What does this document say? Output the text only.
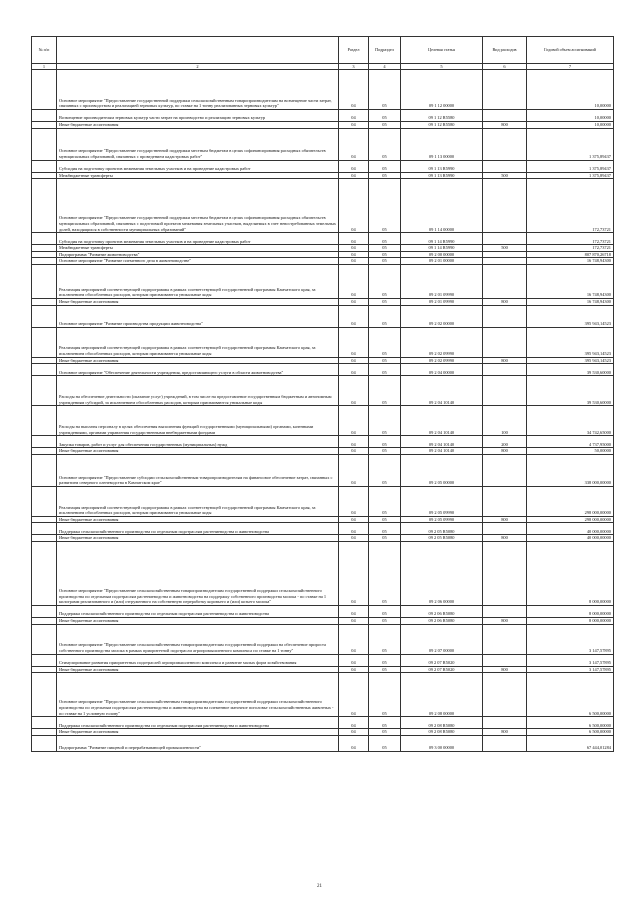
№ п/п		Раздел	Подраздел	Целевая статья	Вид расходов	Годовой объем ассигнований
1	2	3	4	5	6	7
	Основное мероприятие "Предоставление государственной поддержки сельскохозяйственным товаропроизводителям на возмещение части затрат, связанных с производством и реализацией зерновых культур, по ставке на 1 тонну реализованных зерновых культур"	04	05	09 1 12 00000		10,00000
	Возмещение производителям зерновых культур части затрат на производство и реализацию зерновых культур	04	05	09 1 12 R5580		10,00000
	Иные бюджетные ассигнования	04	05	09 1 12 R5580	800	10,00000
	Основное мероприятие "Предоставление государственной поддержки местным бюджетам в целях софинансирования расходных обязательств муниципальных образований, связанных с проведением кадастровых работ"	04	05	09 1 13 00000		1 375,89437
	Субсидия на подготовку проектов межевания земельных участков и на проведение кадастровых работ	04	05	09 1 13 R5990		1 375,89437
	Межбюджетные трансферты	04	05	09 1 13 R5990	500	1 375,89437
	Основное мероприятие "Предоставление государственной поддержки местным бюджетам в целях софинансирования расходных обязательств муниципальных образований, связанных с подготовкой проектов межевания земельных участков, выделяемых в счет невостребованных земельных долей, находящихся в собственности муниципальных образований"	04	05	09 1 14 00000		172,73721
	Субсидия на подготовку проектов межевания земельных участков и на проведение кадастровых работ	04	05	09 1 14 R5990		172,73721
	Межбюджетные трансферты	04	05	09 1 14 R5990	500	172,73721
	Подпрограмма "Развитие животноводства"	04	05	09 2 00 00000		807 870,26718
	Основное мероприятие "Развитие племенного дела в животноводстве"	04	05	09 2 01 00000		16 748,94300
	Реализация мероприятий соответствующей подпрограммы в рамках соответствующей государственной программы Камчатского края, за исключением обособленных расходов, которым присваиваются уникальные коды	04	05	09 2 01 09990		16 748,94300
	Иные бюджетные ассигнования	04	05	09 2 01 09990	800	16 748,94300
	Основное мероприятие "Развитие производства продукции животноводства"	04	05	09 2 02 00000		395 943,14523
	Реализация мероприятий соответствующей подпрограммы в рамках соответствующей государственной программы Камчатского края, за исключением обособленных расходов, которым присваиваются уникальные коды	04	05	09 2 02 09990		395 943,14523
	Иные бюджетные ассигнования	04	05	09 2 02 09990	800	395 943,14523
	Основное мероприятие "Обеспечение деятельности учреждения, предоставляющего услуги в области животноводства"	04	05	09 2 04 00000		39 530,60000
	Расходы на обеспечение деятельности (оказание услуг) учреждений, в том числе на предоставление государственным бюджетным и автономным учреждениям субсидий, за исключением обособленных расходов, которым присваиваются уникальные коды	04	05	09 2 04 10140		39 530,60000
	Расходы на выплаты персоналу в целях обеспечения выполнения функций государственными (муниципальными) органами, казенными учреждениями, органами управления государственными внебюджетными фондами	04	05	09 2 04 10140	100	34 742,65000
	Закупка товаров, работ и услуг для обеспечения государственных (муниципальных) нужд	04	05	09 2 04 10140	200	4 737,95000
	Иные бюджетные ассигнования	04	05	09 2 04 10140	800	50,00000
	Основное мероприятие "Предоставление субсидии сельскохозяйственным товаропроизводителям на финансовое обеспечение затрат, связанных с развитием северного оленеводства в Камчатском крае"	04	05	09 2 05 00000		338 000,00000
	Реализация мероприятий соответствующей подпрограммы в рамках соответствующей государственной программы Камчатского края, за исключением обособленных расходов, которым присваиваются уникальные коды	04	05	09 2 05 09990		298 000,00000
	Иные бюджетные ассигнования	04	05	09 2 05 09990	800	298 000,00000
	Поддержка сельскохозяйственного производства по отдельным подотраслям растениеводства и животноводства	04	05	09 2 05 R5080		40 000,00000
	Иные бюджетные ассигнования	04	05	09 2 05 R5080	800	40 000,00000
	Основное мероприятие "Предоставление сельскохозяйственным товаропроизводителям государственной поддержки сельскохозяйственного производства по отдельным подотраслям растениеводства и животноводства на поддержку собственного производства молока - по ставке на 1 килограмм реализованного и (или) отгруженного на собственную переработку коровьего и (или) козьего молока"	04	05	09 2 06 00000		8 000,00000
	Поддержка сельскохозяйственного производства по отдельным подотраслям растениеводства и животноводства	04	05	09 2 06 R5080		8 000,00000
	Иные бюджетные ассигнования	04	05	09 2 06 R5080	800	8 000,00000
	Основное мероприятие "Предоставление сельскохозяйственным товаропроизводителям государственной поддержки на обеспечение прироста собственного производства молока в рамках приоритетной подотрасли агропромышленного комплекса по ставке на 1 тонну"	04	05	09 2 07 00000		3 147,57895
	Стимулирование развития приоритетных подотраслей агропромышленного комплекса и развитие малых форм хозяйствования	04	05	09 2 07 R5020		3 147,57895
	Иные бюджетные ассигнования	04	05	09 2 07 R5020	800	3 147,57895
	Основное мероприятие "Предоставление сельскохозяйственным товаропроизводителям государственной поддержки сельскохозяйственного производства по отдельным подотраслям растениеводства и животноводства на племенное маточное поголовье сельскохозяйственных животных - по ставке на 1 условную голову"	04	05	09 2 08 00000		6 500,00000
	Поддержка сельскохозяйственного производства по отдельным подотраслям растениеводства и животноводства	04	05	09 2 08 R5080		6 500,00000
	Иные бюджетные ассигнования	04	05	09 2 08 R5080	800	6 500,00000
	Подпрограмма "Развитие пищевой и перерабатывающей промышленности"	04	05	09 3 00 00000		67 444,01284
21
